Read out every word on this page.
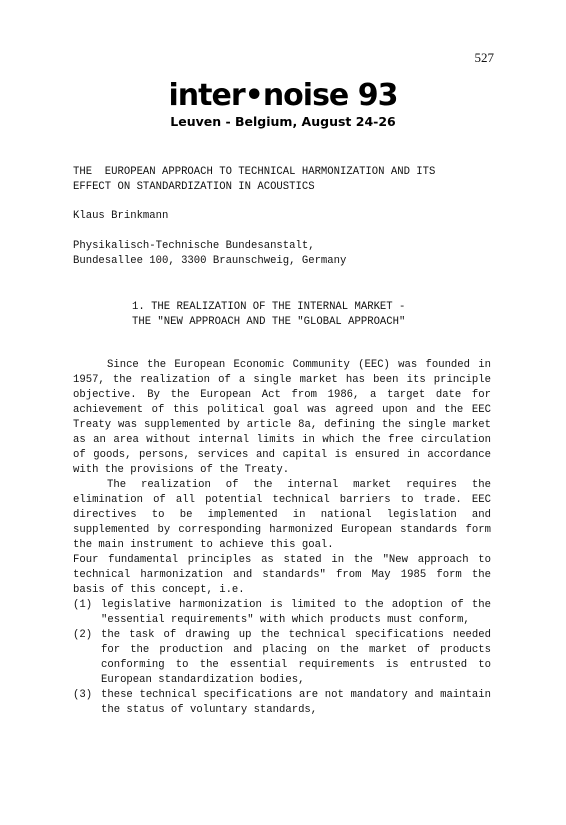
527
inter•noise 93
Leuven - Belgium, August 24-26
THE  EUROPEAN APPROACH TO TECHNICAL HARMONIZATION AND ITS
EFFECT ON STANDARDIZATION IN ACOUSTICS
Klaus Brinkmann
Physikalisch-Technische Bundesanstalt,
Bundesallee 100, 3300 Braunschweig, Germany
1. THE REALIZATION OF THE INTERNAL MARKET -
THE "NEW APPROACH AND THE "GLOBAL APPROACH"

Since the European Economic Community (EEC) was founded in 1957, the realization of a single market has been its principle objective. By the European Act from 1986, a target date for achievement of this political goal was agreed upon and the EEC Treaty was supplemented by article 8a, defining the single market as an area without internal limits in which the free circulation of goods, persons, services and capital is ensured in accordance with the provisions of the Treaty.

The realization of the internal market requires the elimination of all potential technical barriers to trade. EEC directives to be implemented in national legislation and supplemented by corresponding harmonized European standards form the main instrument to achieve this goal.

Four fundamental principles as stated in the "New approach to technical harmonization and standards" from May 1985 form the basis of this concept, i.e.

(1) legislative harmonization is limited to the adoption of the "essential requirements" with which products must conform,
(2) the task of drawing up the technical specifications needed for the production and placing on the market of products conforming to the essential requirements is entrusted to European standardization bodies,
(3) these technical specifications are not mandatory and maintain the status of voluntary standards,
